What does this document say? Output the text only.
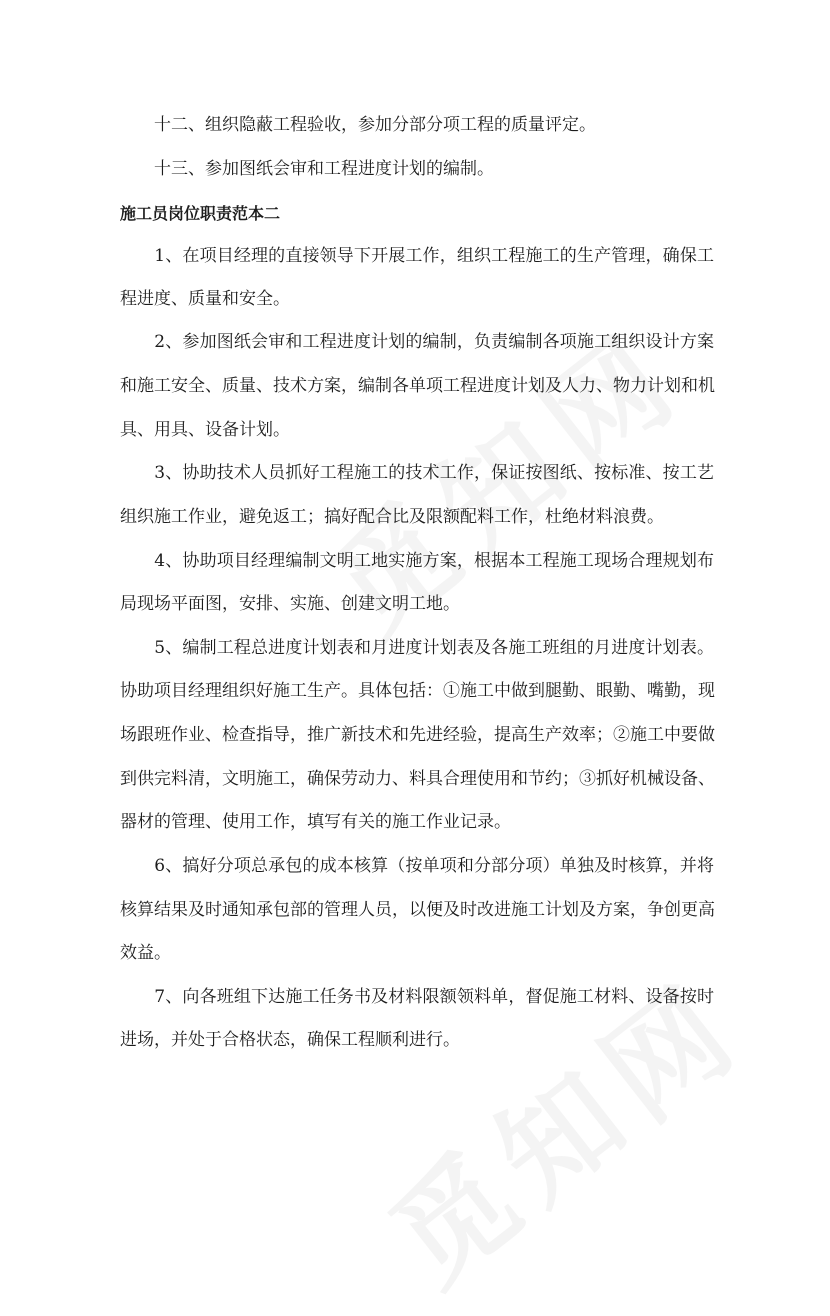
　　十二、组织隐蔽工程验收，参加分部分项工程的质量评定。
　　十三、参加图纸会审和工程进度计划的编制。
施工员岗位职责范本二
　　1、在项目经理的直接领导下开展工作，组织工程施工的生产管理，确保工
程进度、质量和安全。
　　2、参加图纸会审和工程进度计划的编制，负责编制各项施工组织设计方案
和施工安全、质量、技术方案，编制各单项工程进度计划及人力、物力计划和机
具、用具、设备计划。
　　3、协助技术人员抓好工程施工的技术工作，保证按图纸、按标准、按工艺
组织施工作业，避免返工；搞好配合比及限额配料工作，杜绝材料浪费。
　　4、协助项目经理编制文明工地实施方案，根据本工程施工现场合理规划布
局现场平面图，安排、实施、创建文明工地。
　　5、编制工程总进度计划表和月进度计划表及各施工班组的月进度计划表。
协助项目经理组织好施工生产。具体包括：①施工中做到腿勤、眼勤、嘴勤，现
场跟班作业、检查指导，推广新技术和先进经验，提高生产效率；②施工中要做
到供完料清，文明施工，确保劳动力、料具合理使用和节约；③抓好机械设备、
器材的管理、使用工作，填写有关的施工作业记录。
　　6、搞好分项总承包的成本核算（按单项和分部分项）单独及时核算，并将
核算结果及时通知承包部的管理人员，以便及时改进施工计划及方案，争创更高
效益。
　　7、向各班组下达施工任务书及材料限额领料单，督促施工材料、设备按时
进场，并处于合格状态，确保工程顺利进行。
